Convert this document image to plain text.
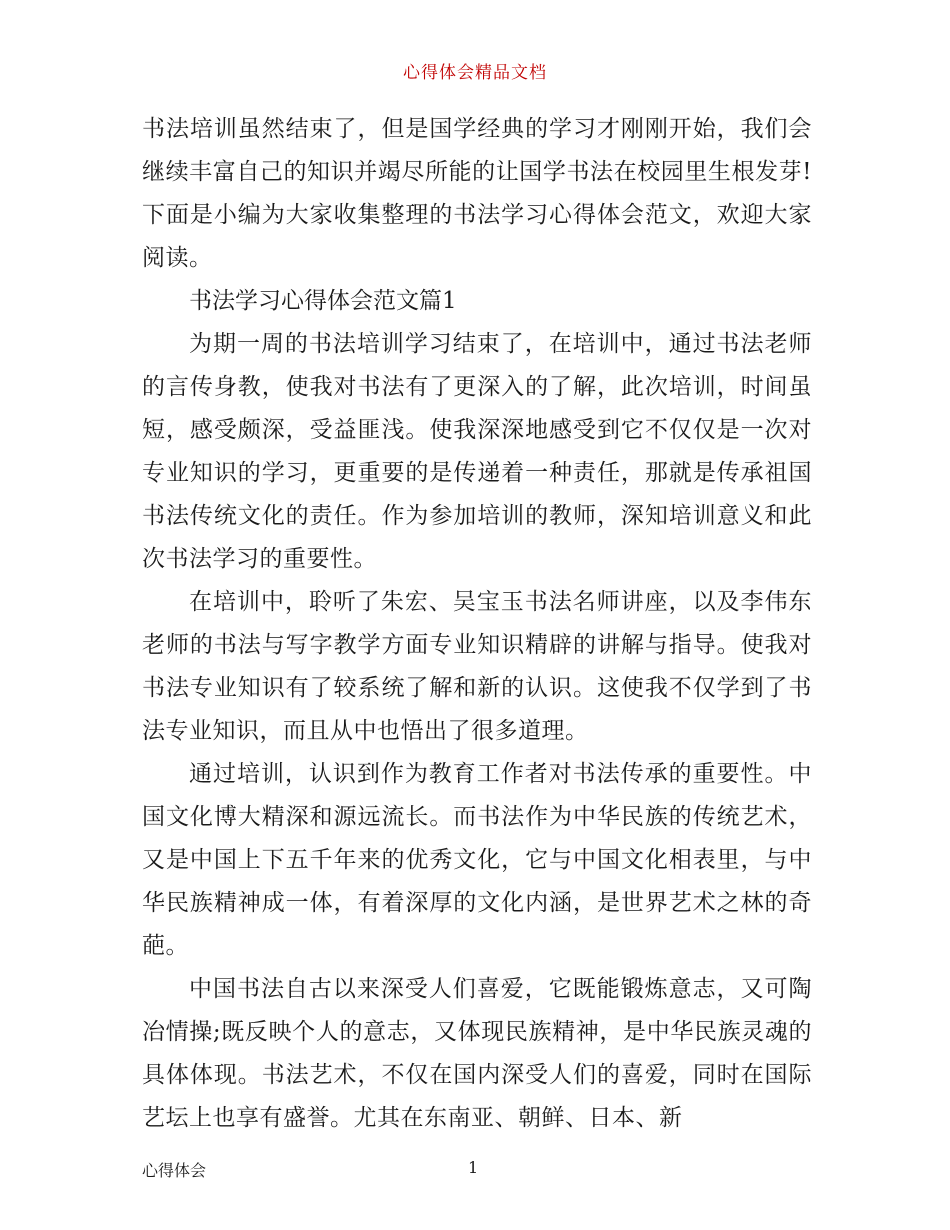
心得体会精品文档

书法培训虽然结束了，但是国学经典的学习才刚刚开始，我们会继续丰富自己的知识并竭尽所能的让国学书法在校园里生根发芽!下面是小编为大家收集整理的书法学习心得体会范文，欢迎大家阅读。

书法学习心得体会范文篇1

为期一周的书法培训学习结束了，在培训中，通过书法老师的言传身教，使我对书法有了更深入的了解，此次培训，时间虽短，感受颇深，受益匪浅。使我深深地感受到它不仅仅是一次对专业知识的学习，更重要的是传递着一种责任，那就是传承祖国书法传统文化的责任。作为参加培训的教师，深知培训意义和此次书法学习的重要性。

在培训中，聆听了朱宏、吴宝玉书法名师讲座，以及李伟东老师的书法与写字教学方面专业知识精辟的讲解与指导。使我对书法专业知识有了较系统了解和新的认识。这使我不仅学到了书法专业知识，而且从中也悟出了很多道理。

通过培训，认识到作为教育工作者对书法传承的重要性。中国文化博大精深和源远流长。而书法作为中华民族的传统艺术，又是中国上下五千年来的优秀文化，它与中国文化相表里，与中华民族精神成一体，有着深厚的文化内涵，是世界艺术之林的奇葩。

中国书法自古以来深受人们喜爱，它既能锻炼意志，又可陶冶情操;既反映个人的意志，又体现民族精神，是中华民族灵魂的具体体现。书法艺术，不仅在国内深受人们的喜爱，同时在国际艺坛上也享有盛誉。尤其在东南亚、朝鲜、日本、新

心得体会	1
